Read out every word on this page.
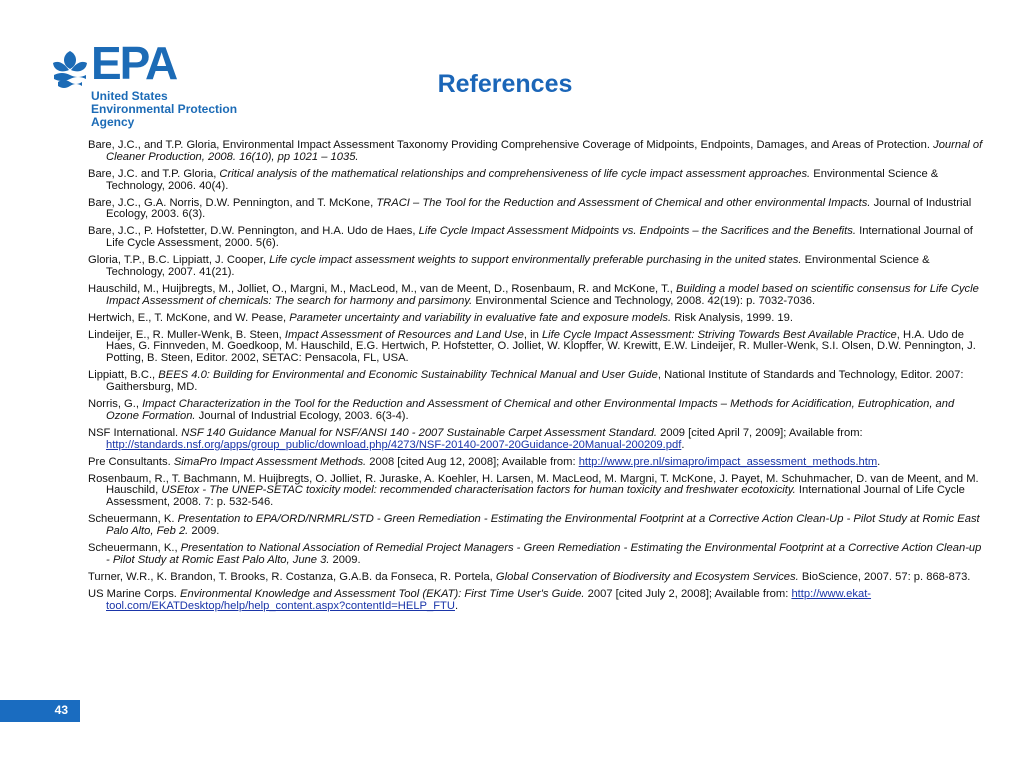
EPA
United States
Environmental Protection
Agency
References
Bare, J.C., and T.P. Gloria, Environmental Impact Assessment Taxonomy Providing Comprehensive Coverage of Midpoints, Endpoints, Damages, and Areas of Protection. Journal of Cleaner Production, 2008. 16(10), pp 1021 – 1035.
Bare, J.C. and T.P. Gloria, Critical analysis of the mathematical relationships and comprehensiveness of life cycle impact assessment approaches. Environmental Science & Technology, 2006. 40(4).
Bare, J.C., G.A. Norris, D.W. Pennington, and T. McKone, TRACI – The Tool for the Reduction and Assessment of Chemical and other environmental Impacts. Journal of Industrial Ecology, 2003. 6(3).
Bare, J.C., P. Hofstetter, D.W. Pennington, and H.A. Udo de Haes, Life Cycle Impact Assessment Midpoints vs. Endpoints – the Sacrifices and the Benefits. International Journal of Life Cycle Assessment, 2000. 5(6).
Gloria, T.P., B.C. Lippiatt, J. Cooper, Life cycle impact assessment weights to support environmentally preferable purchasing in the united states. Environmental Science & Technology, 2007. 41(21).
Hauschild, M., Huijbregts, M., Jolliet, O., Margni, M., MacLeod, M., van de Meent, D., Rosenbaum, R. and McKone, T., Building a model based on scientific consensus for Life Cycle Impact Assessment of chemicals: The search for harmony and parsimony. Environmental Science and Technology, 2008. 42(19): p. 7032-7036.
Hertwich, E., T. McKone, and W. Pease, Parameter uncertainty and variability in evaluative fate and exposure models. Risk Analysis, 1999. 19.
Lindeijer, E., R. Muller-Wenk, B. Steen, Impact Assessment of Resources and Land Use, in Life Cycle Impact Assessment: Striving Towards Best Available Practice, H.A. Udo de Haes, G. Finnveden, M. Goedkoop, M. Hauschild, E.G. Hertwich, P. Hofstetter, O. Jolliet, W. Klopffer, W. Krewitt, E.W. Lindeijer, R. Muller-Wenk, S.I. Olsen, D.W. Pennington, J. Potting, B. Steen, Editor. 2002, SETAC: Pensacola, FL, USA.
Lippiatt, B.C., BEES 4.0: Building for Environmental and Economic Sustainability Technical Manual and User Guide, National Institute of Standards and Technology, Editor. 2007: Gaithersburg, MD.
Norris, G., Impact Characterization in the Tool for the Reduction and Assessment of Chemical and other Environmental Impacts – Methods for Acidification, Eutrophication, and Ozone Formation. Journal of Industrial Ecology, 2003. 6(3-4).
NSF International. NSF 140 Guidance Manual for NSF/ANSI 140 - 2007 Sustainable Carpet Assessment Standard. 2009 [cited April 7, 2009]; Available from: http://standards.nsf.org/apps/group_public/download.php/4273/NSF-20140-2007-20Guidance-20Manual-200209.pdf.
Pre Consultants. SimaPro Impact Assessment Methods. 2008 [cited Aug 12, 2008]; Available from: http://www.pre.nl/simapro/impact_assessment_methods.htm.
Rosenbaum, R., T. Bachmann, M. Huijbregts, O. Jolliet, R. Juraske, A. Koehler, H. Larsen, M. MacLeod, M. Margni, T. McKone, J. Payet, M. Schuhmacher, D. van de Meent, and M. Hauschild, USEtox - The UNEP-SETAC toxicity model: recommended characterisation factors for human toxicity and freshwater ecotoxicity. International Journal of Life Cycle Assessment, 2008. 7: p. 532-546.
Scheuermann, K. Presentation to EPA/ORD/NRMRL/STD - Green Remediation - Estimating the Environmental Footprint at a Corrective Action Clean-Up - Pilot Study at Romic East Palo Alto, Feb 2. 2009.
Scheuermann, K., Presentation to National Association of Remedial Project Managers - Green Remediation - Estimating the Environmental Footprint at a Corrective Action Clean-up - Pilot Study at Romic East Palo Alto, June 3. 2009.
Turner, W.R., K. Brandon, T. Brooks, R. Costanza, G.A.B. da Fonseca, R. Portela, Global Conservation of Biodiversity and Ecosystem Services. BioScience, 2007. 57: p. 868-873.
US Marine Corps. Environmental Knowledge and Assessment Tool (EKAT): First Time User's Guide. 2007 [cited July 2, 2008]; Available from: http://www.ekat-tool.com/EKATDesktop/help/help_content.aspx?contentId=HELP_FTU.
43
